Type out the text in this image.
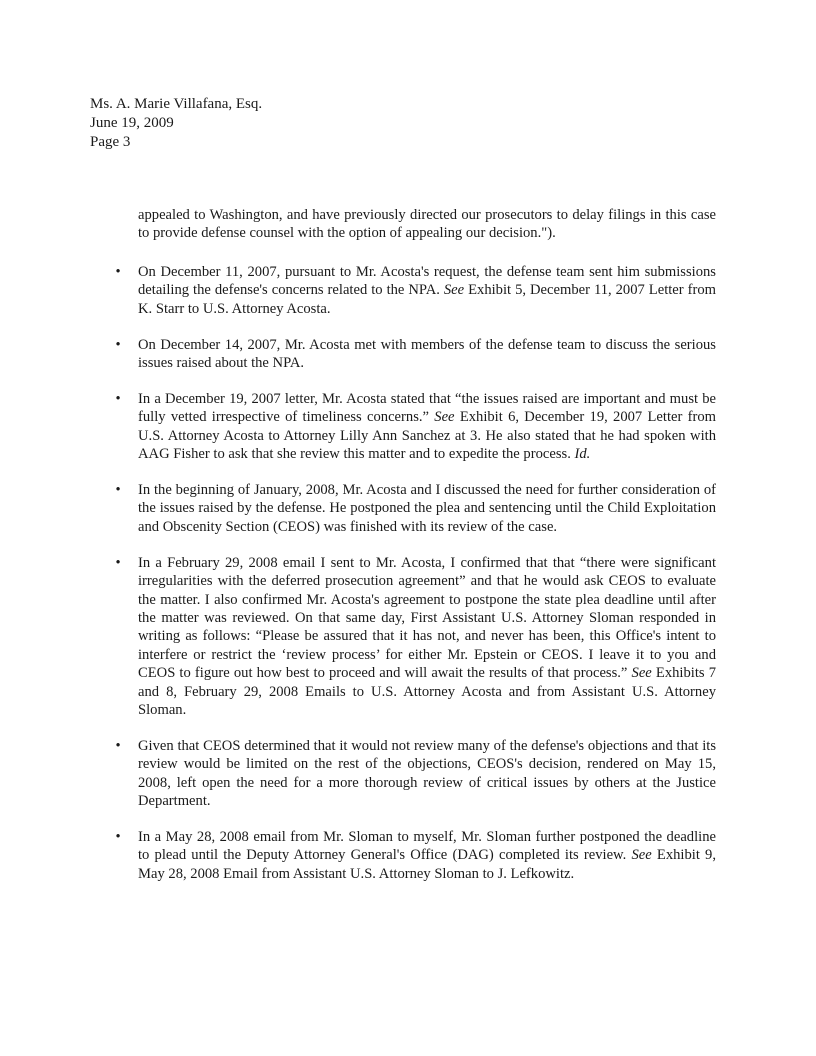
Ms. A. Marie Villafana, Esq.
June 19, 2009
Page 3

appealed to Washington, and have previously directed our prosecutors to delay filings in this case to provide defense counsel with the option of appealing our decision.").

• On December 11, 2007, pursuant to Mr. Acosta's request, the defense team sent him submissions detailing the defense's concerns related to the NPA. See Exhibit 5, December 11, 2007 Letter from K. Starr to U.S. Attorney Acosta.
• On December 14, 2007, Mr. Acosta met with members of the defense team to discuss the serious issues raised about the NPA.
• In a December 19, 2007 letter, Mr. Acosta stated that “the issues raised are important and must be fully vetted irrespective of timeliness concerns.” See Exhibit 6, December 19, 2007 Letter from U.S. Attorney Acosta to Attorney Lilly Ann Sanchez at 3. He also stated that he had spoken with AAG Fisher to ask that she review this matter and to expedite the process. Id.
• In the beginning of January, 2008, Mr. Acosta and I discussed the need for further consideration of the issues raised by the defense. He postponed the plea and sentencing until the Child Exploitation and Obscenity Section (CEOS) was finished with its review of the case.
• In a February 29, 2008 email I sent to Mr. Acosta, I confirmed that that “there were significant irregularities with the deferred prosecution agreement” and that he would ask CEOS to evaluate the matter. I also confirmed Mr. Acosta's agreement to postpone the state plea deadline until after the matter was reviewed. On that same day, First Assistant U.S. Attorney Sloman responded in writing as follows: “Please be assured that it has not, and never has been, this Office's intent to interfere or restrict the ‘review process’ for either Mr. Epstein or CEOS. I leave it to you and CEOS to figure out how best to proceed and will await the results of that process.” See Exhibits 7 and 8, February 29, 2008 Emails to U.S. Attorney Acosta and from Assistant U.S. Attorney Sloman.
• Given that CEOS determined that it would not review many of the defense's objections and that its review would be limited on the rest of the objections, CEOS's decision, rendered on May 15, 2008, left open the need for a more thorough review of critical issues by others at the Justice Department.
• In a May 28, 2008 email from Mr. Sloman to myself, Mr. Sloman further postponed the deadline to plead until the Deputy Attorney General's Office (DAG) completed its review. See Exhibit 9, May 28, 2008 Email from Assistant U.S. Attorney Sloman to J. Lefkowitz.
